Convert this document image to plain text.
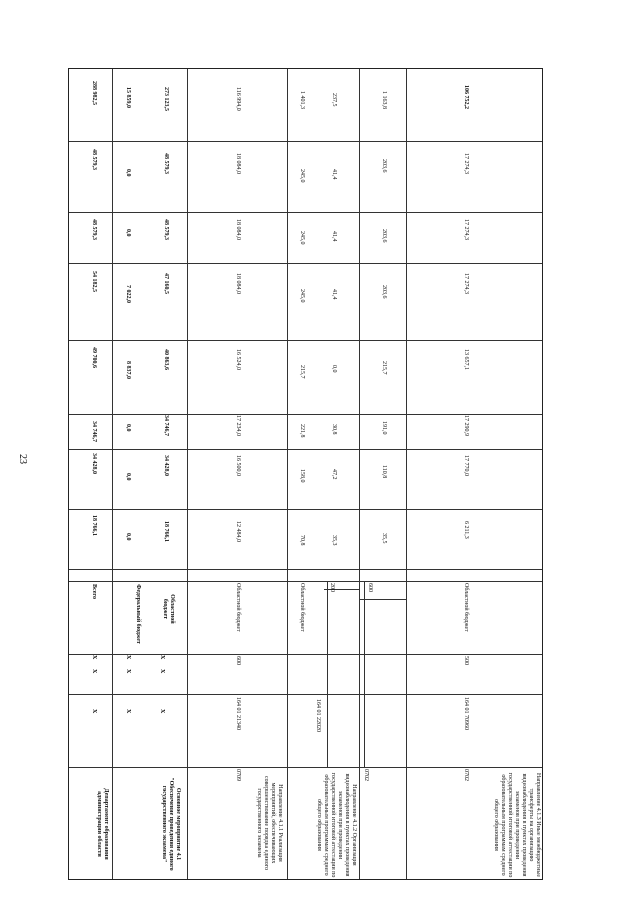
23
288 982,5
48 579,3
48 579,3
54 182,5
49 700,6
34 746,7
34 428,0
18 766,1
Всего
Х
Х
Х
Департамент образования администрации области
15 859,0
0,0
0,0
7 022,0
8 837,0
0,0
0,0
0,0
Федеральный бюджет
Х
Х
Х
Основное мероприятие 4.1 "Обеспечение проведения единого государственного экзамена"
273 123,5
48 579,3
48 579,3
47 160,5
40 863,6
34 746,7
34 428,0
18 766,1
Областной бюджет
Х
Х
Х
116 994,0
18 084,0
18 084,0
18 084,0
16 524,0
17 234,0
16 500,0
12 484,0
Областной бюджет
600
164 01 21340
0709
Направление 4.1.1 Реализация мероприятий, обеспечивающих совершенствование порядка единого государственного экзамена
1 401,3
245,0
245,0
245,0
215,7
221,8
158,0
70,8
Областной бюджет
164 01 22020
0702
Направление 4.1.2 Организация видеонаблюдения в пунктах проведения экзаменов при проведении государственной итоговой аттестации по образовательным программам среднего общего образования
237,5
41,4
41,4
41,4
0,0
30,8
47,2
35,3
200
1 163,8
203,6
203,6
203,6
215,7
191,0
110,8
35,5
600
106 752,2
17 274,3
17 274,3
17 274,3
13 657,1
17 290,9
17 770,0
6 211,3
Областной бюджет
500
164 01 70960
0702	Направление 4.1.3 Иные межбюджетные трансферты на организацию видеонаблюдения в пунктах проведения экзаменов при проведении государственной итоговой аттестации по образовательным программам среднего общего образования
